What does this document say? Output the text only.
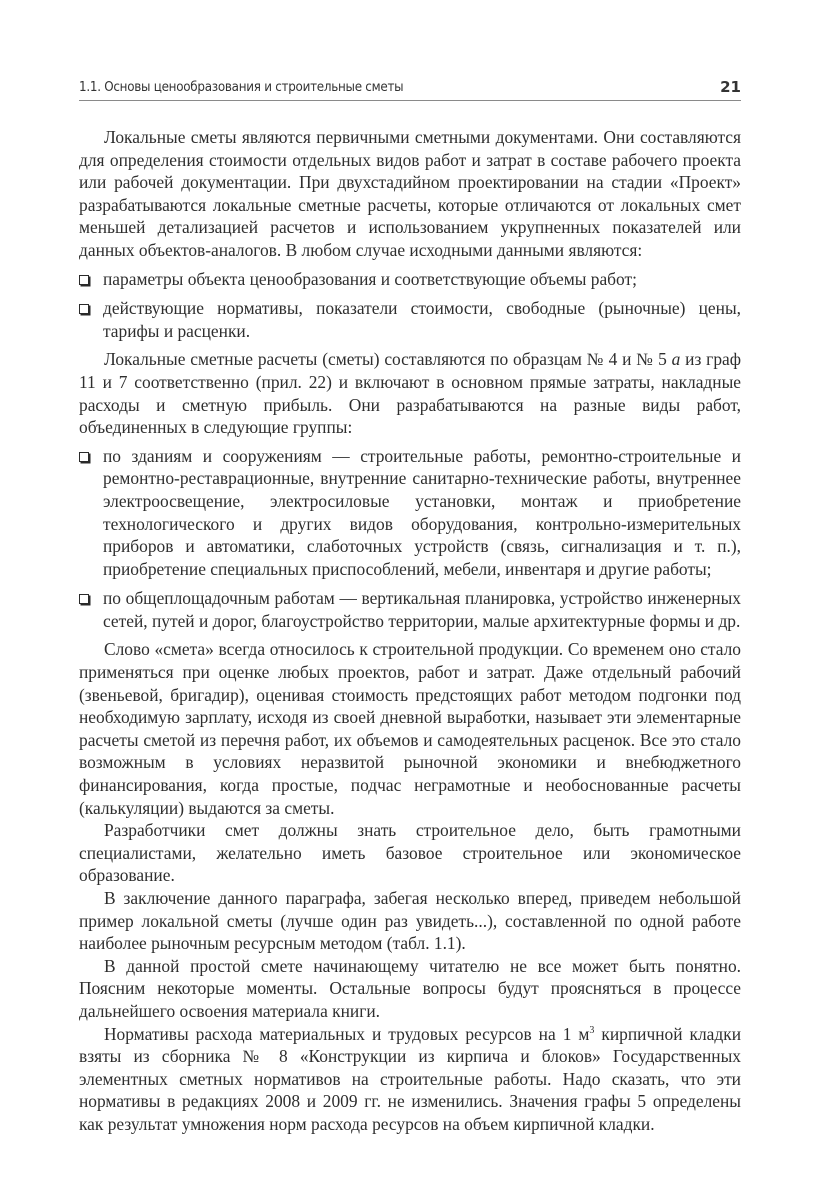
1.1. Основы ценообразования и строительные сметы	21

Локальные сметы являются первичными сметными документами. Они составляются для определения стоимости отдельных видов работ и затрат в составе рабочего проекта или рабочей документации. При двухстадийном проектировании на стадии «Проект» разрабатываются локальные сметные расчеты, которые отличаются от локальных смет меньшей детализацией расчетов и использованием укрупненных показателей или данных объектов-аналогов. В любом случае исходными данными являются:

параметры объекта ценообразования и соответствующие объемы работ;
действующие нормативы, показатели стоимости, свободные (рыночные) цены, тарифы и расценки.

Локальные сметные расчеты (сметы) составляются по образцам № 4 и № 5 а из граф 11 и 7 соответственно (прил. 22) и включают в основном прямые затраты, накладные расходы и сметную прибыль. Они разрабатываются на разные виды работ, объединенных в следующие группы:

по зданиям и сооружениям — строительные работы, ремонтно-строительные и ремонтно-реставрационные, внутренние санитарно-технические работы, внутреннее электроосвещение, электросиловые установки, монтаж и приобретение технологического и других видов оборудования, контрольно-измерительных приборов и автоматики, слаботочных устройств (связь, сигнализация и т. п.), приобретение специальных приспособлений, мебели, инвентаря и другие работы;
по общеплощадочным работам — вертикальная планировка, устройство инженерных сетей, путей и дорог, благоустройство территории, малые архитектурные формы и др.

Слово «смета» всегда относилось к строительной продукции. Со временем оно стало применяться при оценке любых проектов, работ и затрат. Даже отдельный рабочий (звеньевой, бригадир), оценивая стоимость предстоящих работ методом подгонки под необходимую зарплату, исходя из своей дневной выработки, называет эти элементарные расчеты сметой из перечня работ, их объемов и самодеятельных расценок. Все это стало возможным в условиях неразвитой рыночной экономики и внебюджетного финансирования, когда простые, подчас неграмотные и необоснованные расчеты (калькуляции) выдаются за сметы.

Разработчики смет должны знать строительное дело, быть грамотными специалистами, желательно иметь базовое строительное или экономическое образование.

В заключение данного параграфа, забегая несколько вперед, приведем небольшой пример локальной сметы (лучше один раз увидеть...), составленной по одной работе наиболее рыночным ресурсным методом (табл. 1.1).

В данной простой смете начинающему читателю не все может быть понятно. Поясним некоторые моменты. Остальные вопросы будут проясняться в процессе дальнейшего освоения материала книги.

Нормативы расхода материальных и трудовых ресурсов на 1 $м^3$ кирпичной кладки взяты из сборника № 8 «Конструкции из кирпича и блоков» Государственных элементных сметных нормативов на строительные работы. Надо сказать, что эти нормативы в редакциях 2008 и 2009 гг. не изменились. Значения графы 5 определены как результат умножения норм расхода ресурсов на объем кирпичной кладки.
